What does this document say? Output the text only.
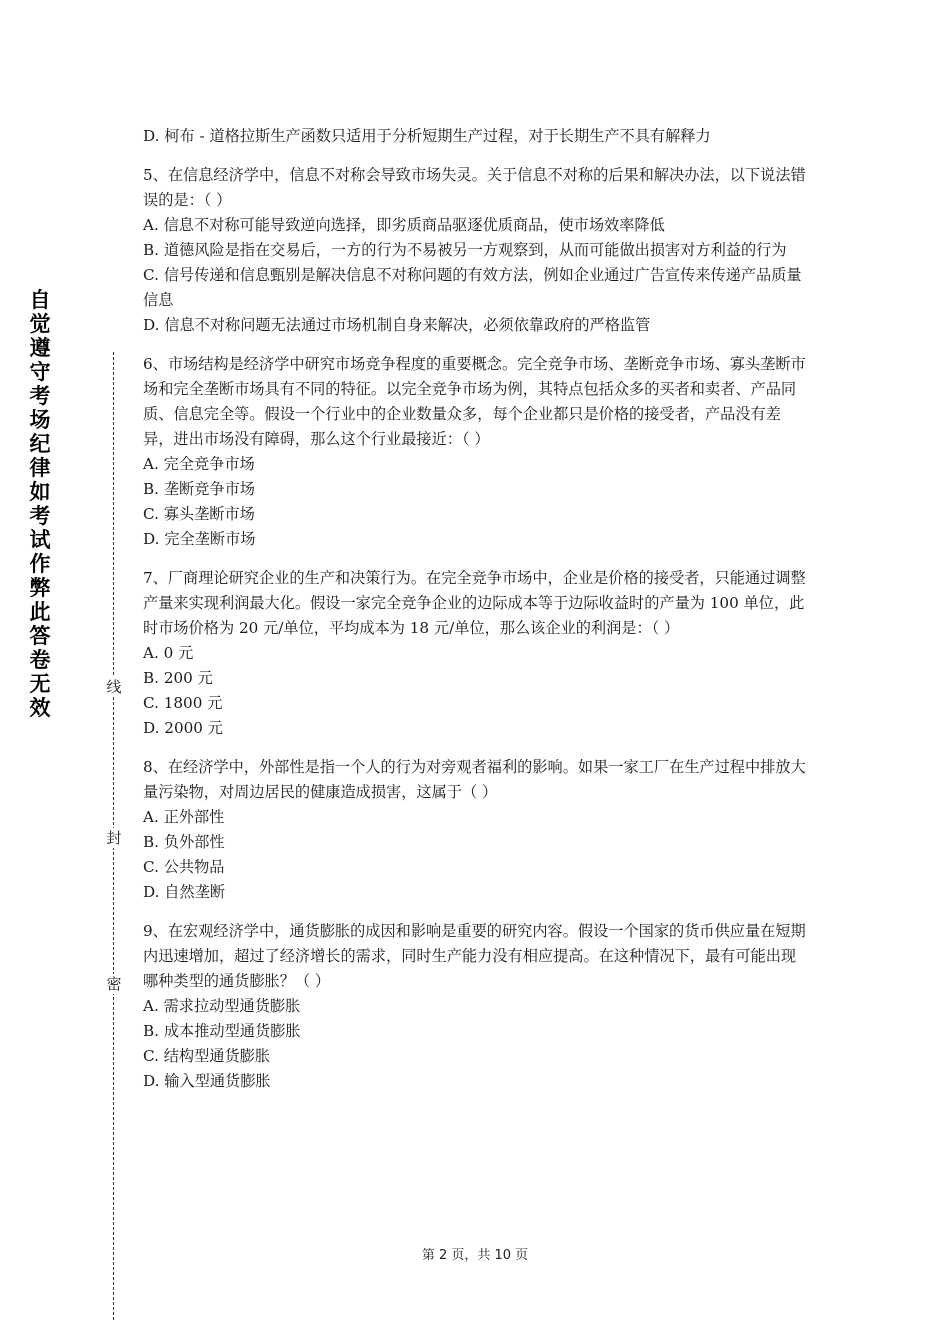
自觉遵守考场纪律如考试作弊此答卷无效
线
封
密

D. 柯布 - 道格拉斯生产函数只适用于分析短期生产过程，对于长期生产不具有解释力

5、在信息经济学中，信息不对称会导致市场失灵。关于信息不对称的后果和解决办法，以下说法错误的是：（ ）

A. 信息不对称可能导致逆向选择，即劣质商品驱逐优质商品，使市场效率降低

B. 道德风险是指在交易后，一方的行为不易被另一方观察到，从而可能做出损害对方利益的行为

C. 信号传递和信息甄别是解决信息不对称问题的有效方法，例如企业通过广告宣传来传递产品质量信息

D. 信息不对称问题无法通过市场机制自身来解决，必须依靠政府的严格监管

6、市场结构是经济学中研究市场竞争程度的重要概念。完全竞争市场、垄断竞争市场、寡头垄断市场和完全垄断市场具有不同的特征。以完全竞争市场为例，其特点包括众多的买者和卖者、产品同质、信息完全等。假设一个行业中的企业数量众多，每个企业都只是价格的接受者，产品没有差异，进出市场没有障碍，那么这个行业最接近：（ ）

A. 完全竞争市场

B. 垄断竞争市场

C. 寡头垄断市场

D. 完全垄断市场

7、厂商理论研究企业的生产和决策行为。在完全竞争市场中，企业是价格的接受者，只能通过调整产量来实现利润最大化。假设一家完全竞争企业的边际成本等于边际收益时的产量为 100 单位，此时市场价格为 20 元/单位，平均成本为 18 元/单位，那么该企业的利润是：（ ）

A. 0 元

B. 200 元

C. 1800 元

D. 2000 元

8、在经济学中，外部性是指一个人的行为对旁观者福利的影响。如果一家工厂在生产过程中排放大量污染物，对周边居民的健康造成损害，这属于（ ）

A. 正外部性

B. 负外部性

C. 公共物品

D. 自然垄断

9、在宏观经济学中，通货膨胀的成因和影响是重要的研究内容。假设一个国家的货币供应量在短期内迅速增加，超过了经济增长的需求，同时生产能力没有相应提高。在这种情况下，最有可能出现哪种类型的通货膨胀？（ ）

A. 需求拉动型通货膨胀

B. 成本推动型通货膨胀

C. 结构型通货膨胀

D. 输入型通货膨胀

第 2 页，共 10 页
